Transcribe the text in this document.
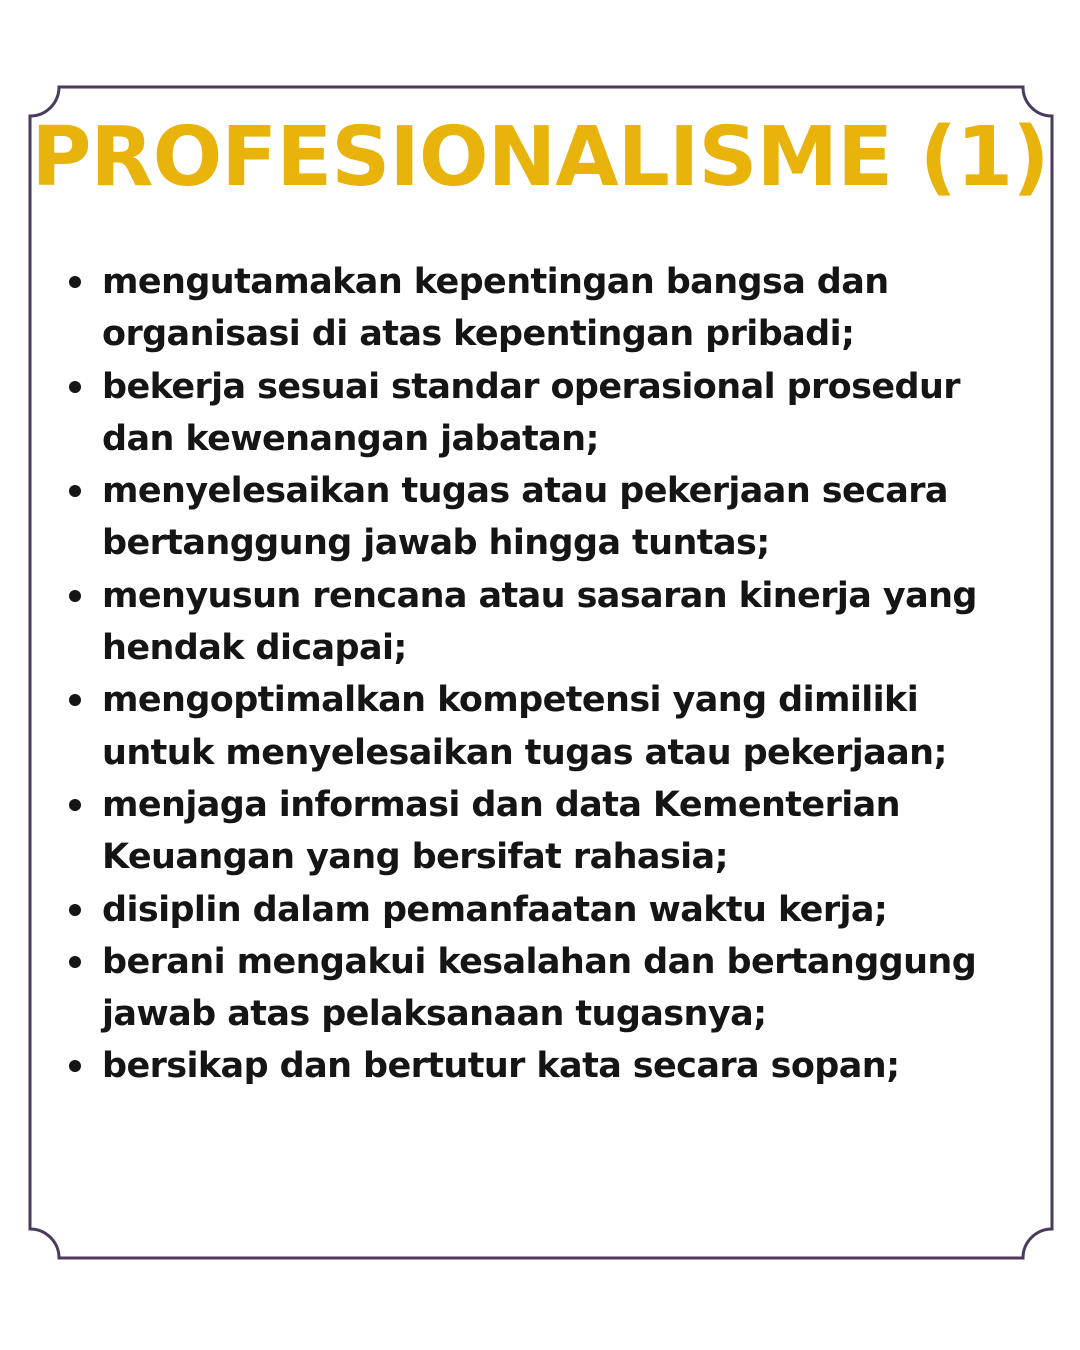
PROFESIONALISME (1)
mengutamakan kepentingan bangsa dan organisasi di atas kepentingan pribadi;
bekerja sesuai standar operasional prosedur dan kewenangan jabatan;
menyelesaikan tugas atau pekerjaan secara bertanggung jawab hingga tuntas;
menyusun rencana atau sasaran kinerja yang hendak dicapai;
mengoptimalkan kompetensi yang dimiliki untuk menyelesaikan tugas atau pekerjaan;
menjaga informasi dan data Kementerian Keuangan yang bersifat rahasia;
disiplin dalam pemanfaatan waktu kerja;
berani mengakui kesalahan dan bertanggung jawab atas pelaksanaan tugasnya;
bersikap dan bertutur kata secara sopan;
